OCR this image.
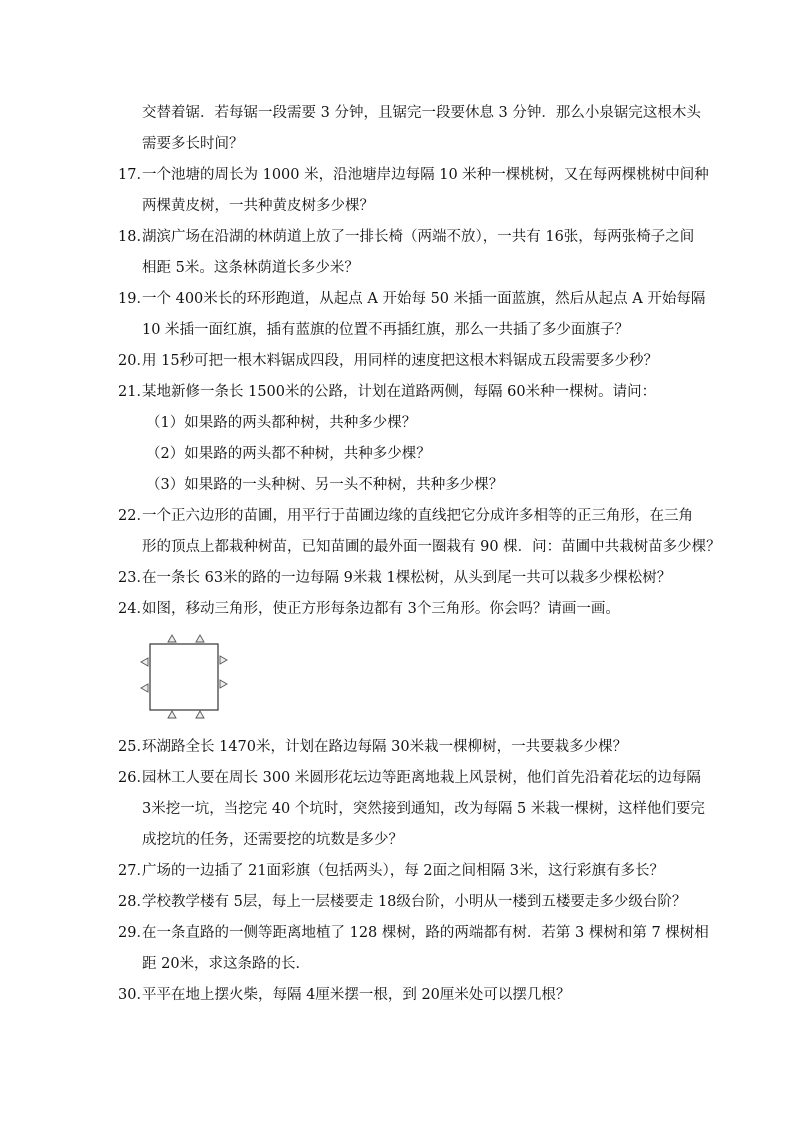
交替着锯．若每锯一段需要 3 分钟，且锯完一段要休息 3 分钟．那么小泉锯完这根木头
需要多长时间？
17．
一个池塘的周长为 1000 米，沿池塘岸边每隔 10 米种一棵桃树，又在每两棵桃树中间种
两棵黄皮树，一共种黄皮树多少棵？
18．
湖滨广场在沿湖的林荫道上放了一排长椅（两端不放），一共有 16张，每两张椅子之间
相距 5米。这条林荫道长多少米？
19．
一个 400米长的环形跑道，从起点 A 开始每 50 米插一面蓝旗，然后从起点 A 开始每隔
10 米插一面红旗，插有蓝旗的位置不再插红旗，那么一共插了多少面旗子？
20．
用 15秒可把一根木料锯成四段，用同样的速度把这根木料锯成五段需要多少秒？
21．
某地新修一条长 1500米的公路，计划在道路两侧，每隔 60米种一棵树。请问：
（1）如果路的两头都种树，共种多少棵？
（2）如果路的两头都不种树，共种多少棵？
（3）如果路的一头种树、另一头不种树，共种多少棵？
22．
一个正六边形的苗圃，用平行于苗圃边缘的直线把它分成许多相等的正三角形，在三角
形的顶点上都栽种树苗，已知苗圃的最外面一圈栽有 90 棵．问：苗圃中共栽树苗多少棵？
23．
在一条长 63米的路的一边每隔 9米栽 1棵松树，从头到尾一共可以栽多少棵松树？
24．
如图，移动三角形，使正方形每条边都有 3个三角形。你会吗？请画一画。
25．
环湖路全长 1470米，计划在路边每隔 30米栽一棵柳树，一共要栽多少棵？
26．
园林工人要在周长 300 米圆形花坛边等距离地栽上风景树，他们首先沿着花坛的边每隔
3米挖一坑，当挖完 40 个坑时，突然接到通知，改为每隔 5 米栽一棵树，这样他们要完
成挖坑的任务，还需要挖的坑数是多少？
27．
广场的一边插了 21面彩旗（包括两头），每 2面之间相隔 3米，这行彩旗有多长？
28．
学校教学楼有 5层，每上一层楼要走 18级台阶，小明从一楼到五楼要走多少级台阶？
29．
在一条直路的一侧等距离地植了 128 棵树，路的两端都有树．若第 3 棵树和第 7 棵树相
距 20米，求这条路的长．
30．
平平在地上摆火柴，每隔 4厘米摆一根，到 20厘米处可以摆几根？
